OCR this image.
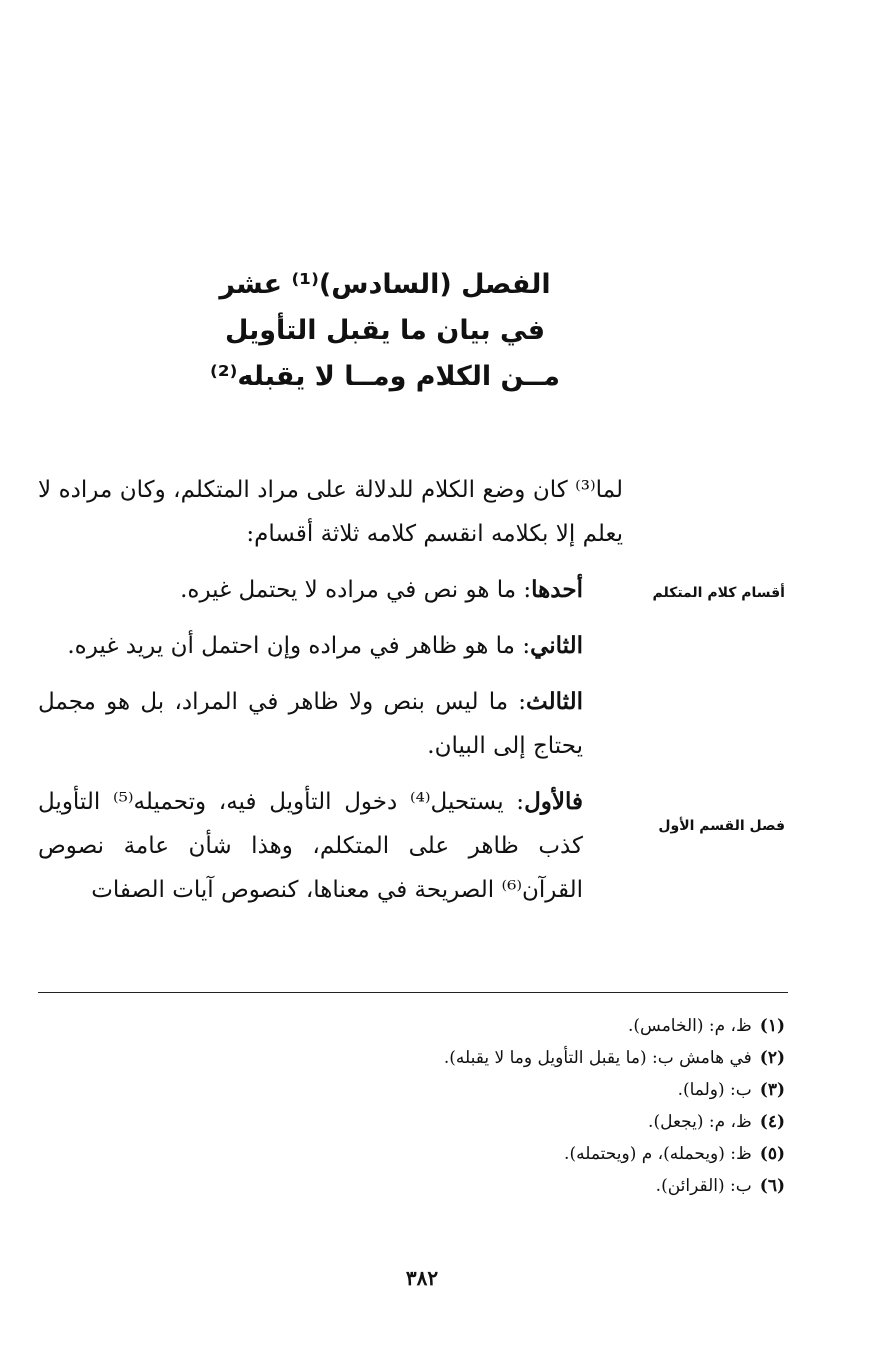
الفصل (السادس)⁽¹⁾ عشر
في بيان ما يقبل التأويل
مــن الكلام ومــا لا يقبله⁽²⁾
أقسام كلام المتكلم
فصل القسم الأول

لما⁽³⁾ كان وضع الكلام للدلالة على مراد المتكلم، وكان مراده لا يعلم إلا بكلامه انقسم كلامه ثلاثة أقسام:

أحدها: ما هو نص في مراده لا يحتمل غيره.

الثاني: ما هو ظاهر في مراده وإن احتمل أن يريد غيره.

الثالث: ما ليس بنص ولا ظاهر في المراد، بل هو مجمل يحتاج إلى البيان.

فالأول: يستحيل⁽⁴⁾ دخول التأويل فيه، وتحميله⁽⁵⁾ التأويل كذب ظاهر على المتكلم، وهذا شأن عامة نصوص القرآن⁽⁶⁾ الصريحة في معناها، كنصوص آيات الصفات

(١)ظ، م: (الخامس).
(٢)في هامش ب: (ما يقبل التأويل وما لا يقبله).
(٣)ب: (ولما).
(٤)ظ، م: (يجعل).
(٥)ظ: (ويحمله)، م (ويحتمله).
(٦)ب: (القرائن).
٣٨٢
